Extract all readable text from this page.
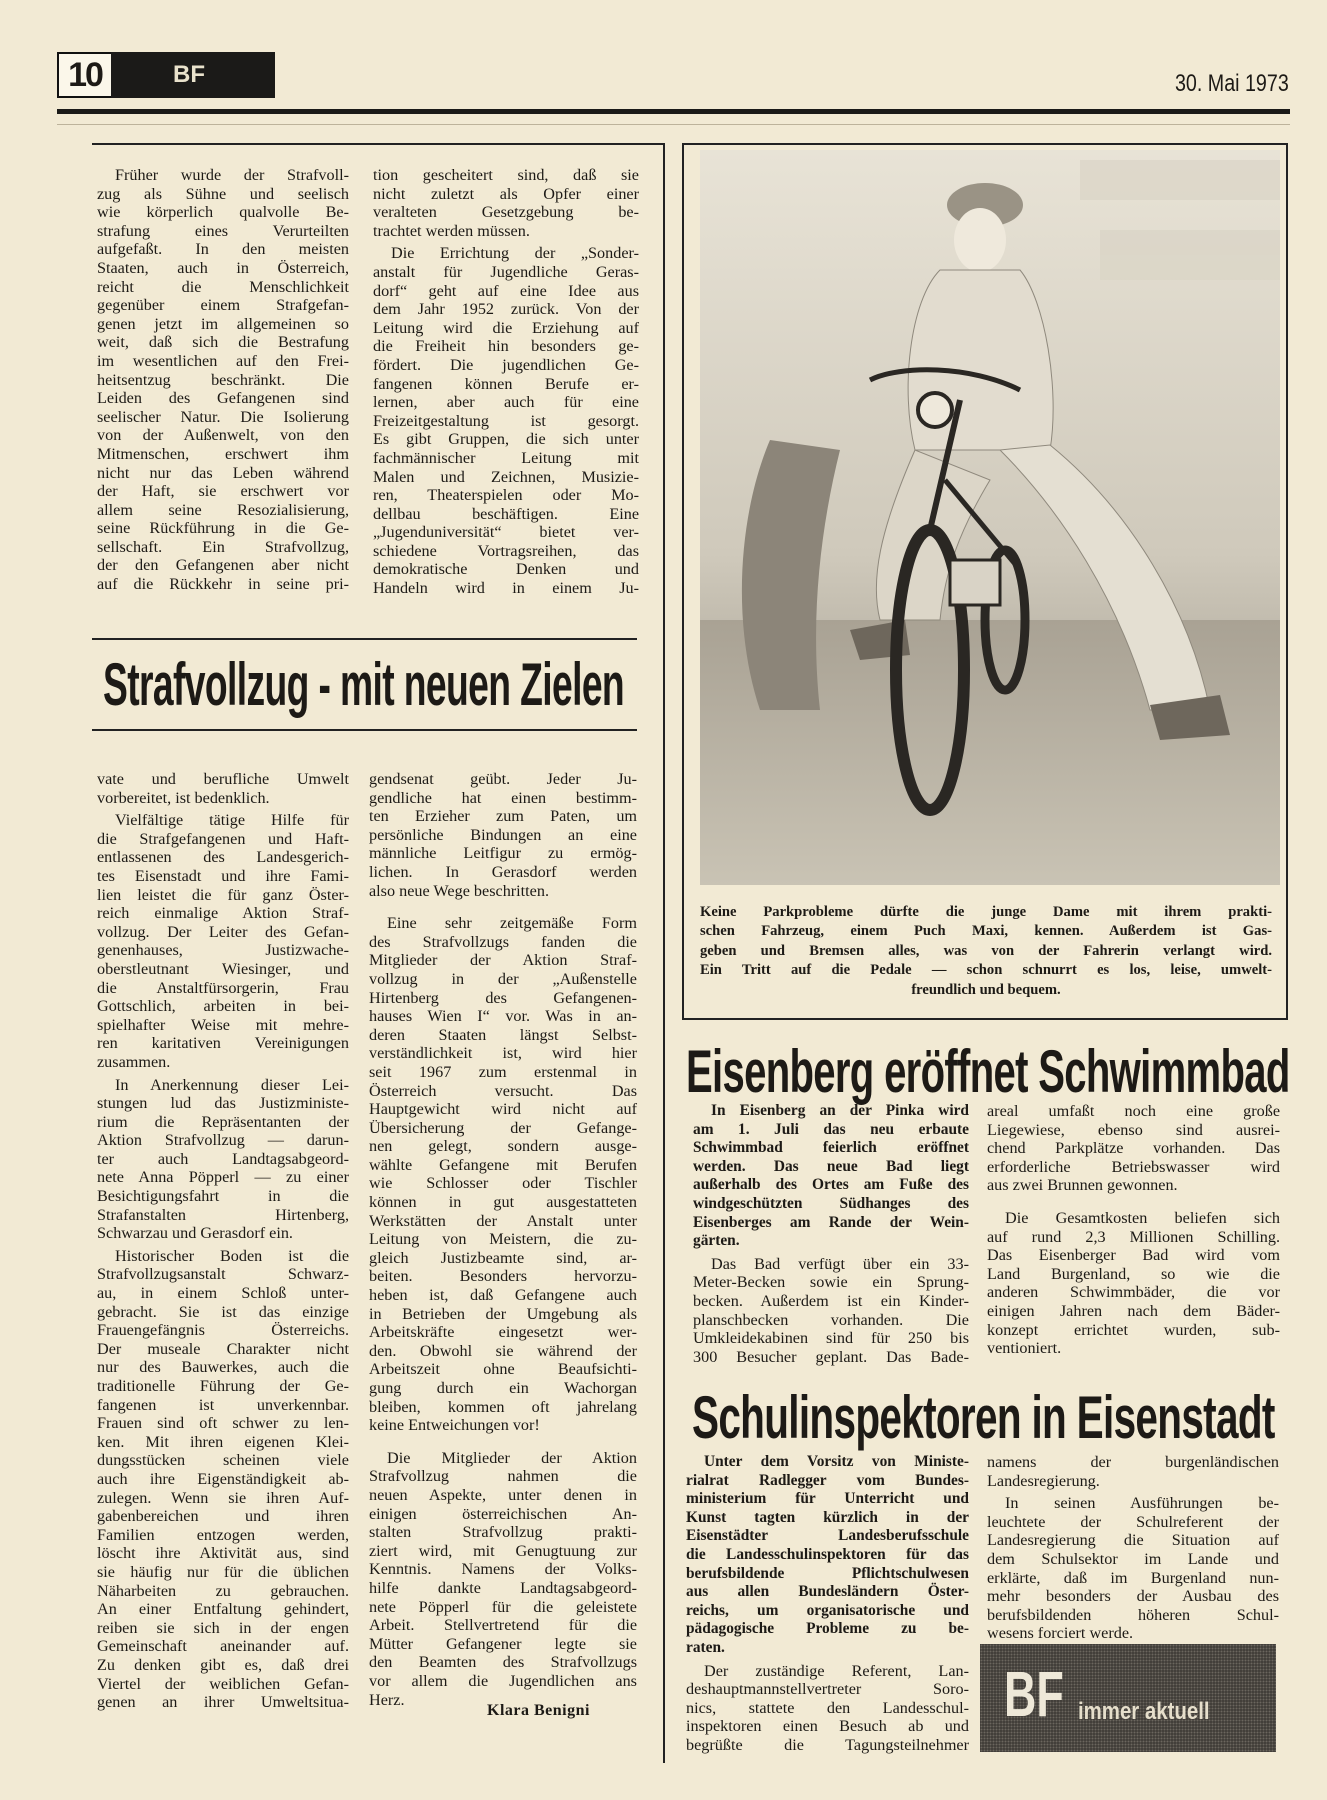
10	BF	30. Mai 1973
Früher wurde der Strafvoll-
zug als Sühne und seelisch
wie körperlich qualvolle Be-
strafung eines Verurteilten
aufgefaßt. In den meisten
Staaten, auch in Österreich,
reicht die Menschlichkeit
gegenüber einem Strafgefan-
genen jetzt im allgemeinen so
weit, daß sich die Bestrafung
im wesentlichen auf den Frei-
heitsentzug beschränkt. Die
Leiden des Gefangenen sind
seelischer Natur. Die Isolierung
von der Außenwelt, von den
Mitmenschen, erschwert ihm
nicht nur das Leben während
der Haft, sie erschwert vor
allem seine Resozialisierung,
seine Rückführung in die Ge-
sellschaft. Ein Strafvollzug,
der den Gefangenen aber nicht
auf die Rückkehr in seine pri-
tion gescheitert sind, daß sie
nicht zuletzt als Opfer einer
veralteten Gesetzgebung be-
trachtet werden müssen.
Die Errichtung der „Sonder-
anstalt für Jugendliche Geras-
dorf“ geht auf eine Idee aus
dem Jahr 1952 zurück. Von der
Leitung wird die Erziehung auf
die Freiheit hin besonders ge-
fördert. Die jugendlichen Ge-
fangenen können Berufe er-
lernen, aber auch für eine
Freizeitgestaltung ist gesorgt.
Es gibt Gruppen, die sich unter
fachmännischer Leitung mit
Malen und Zeichnen, Musizie-
ren, Theaterspielen oder Mo-
dellbau beschäftigen. Eine
„Jugenduniversität“ bietet ver-
schiedene Vortragsreihen, das
demokratische Denken und
Handeln wird in einem Ju-
Strafvollzug - mit neuen Zielen
vate und berufliche Umwelt
vorbereitet, ist bedenklich.
Vielfältige tätige Hilfe für
die Strafgefangenen und Haft-
entlassenen des Landesgerich-
tes Eisenstadt und ihre Fami-
lien leistet die für ganz Öster-
reich einmalige Aktion Straf-
vollzug. Der Leiter des Gefan-
genenhauses, Justizwache-
oberstleutnant Wiesinger, und
die Anstaltfürsorgerin, Frau
Gottschlich, arbeiten in bei-
spielhafter Weise mit mehre-
ren karitativen Vereinigungen
zusammen.
In Anerkennung dieser Lei-
stungen lud das Justizministe-
rium die Repräsentanten der
Aktion Strafvollzug — darun-
ter auch Landtagsabgeord-
nete Anna Pöpperl — zu einer
Besichtigungsfahrt in die
Strafanstalten Hirtenberg,
Schwarzau und Gerasdorf ein.
Historischer Boden ist die
Strafvollzugsanstalt Schwarz-
au, in einem Schloß unter-
gebracht. Sie ist das einzige
Frauengefängnis Österreichs.
Der museale Charakter nicht
nur des Bauwerkes, auch die
traditionelle Führung der Ge-
fangenen ist unverkennbar.
Frauen sind oft schwer zu len-
ken. Mit ihren eigenen Klei-
dungsstücken scheinen viele
auch ihre Eigenständigkeit ab-
zulegen. Wenn sie ihren Auf-
gabenbereichen und ihren
Familien entzogen werden,
löscht ihre Aktivität aus, sind
sie häufig nur für die üblichen
Näharbeiten zu gebrauchen.
An einer Entfaltung gehindert,
reiben sie sich in der engen
Gemeinschaft aneinander auf.
Zu denken gibt es, daß drei
Viertel der weiblichen Gefan-
genen an ihrer Umweltsitua-
gendsenat geübt. Jeder Ju-
gendliche hat einen bestimm-
ten Erzieher zum Paten, um
persönliche Bindungen an eine
männliche Leitfigur zu ermög-
lichen. In Gerasdorf werden
also neue Wege beschritten.
Eine sehr zeitgemäße Form
des Strafvollzugs fanden die
Mitglieder der Aktion Straf-
vollzug in der „Außenstelle
Hirtenberg des Gefangenen-
hauses Wien I“ vor. Was in an-
deren Staaten längst Selbst-
verständlichkeit ist, wird hier
seit 1967 zum erstenmal in
Österreich versucht. Das
Hauptgewicht wird nicht auf
Übersicherung der Gefange-
nen gelegt, sondern ausge-
wählte Gefangene mit Berufen
wie Schlosser oder Tischler
können in gut ausgestatteten
Werkstätten der Anstalt unter
Leitung von Meistern, die zu-
gleich Justizbeamte sind, ar-
beiten. Besonders hervorzu-
heben ist, daß Gefangene auch
in Betrieben der Umgebung als
Arbeitskräfte eingesetzt wer-
den. Obwohl sie während der
Arbeitszeit ohne Beaufsichti-
gung durch ein Wachorgan
bleiben, kommen oft jahrelang
keine Entweichungen vor!
Die Mitglieder der Aktion
Strafvollzug nahmen die
neuen Aspekte, unter denen in
einigen österreichischen An-
stalten Strafvollzug prakti-
ziert wird, mit Genugtuung zur
Kenntnis. Namens der Volks-
hilfe dankte Landtagsabgeord-
nete Pöpperl für die geleistete
Arbeit. Stellvertretend für die
Mütter Gefangener legte sie
den Beamten des Strafvollzugs
vor allem die Jugendlichen ans
Herz.
Klara Benigni
Keine Parkprobleme dürfte die junge Dame mit ihrem prakti-
schen Fahrzeug, einem Puch Maxi, kennen. Außerdem ist Gas-
geben und Bremsen alles, was von der Fahrerin verlangt wird.
Ein Tritt auf die Pedale — schon schnurrt es los, leise, umwelt-
freundlich und bequem.
Eisenberg eröffnet Schwimmbad
In Eisenberg an der Pinka wird
am 1. Juli das neu erbaute
Schwimmbad feierlich eröffnet
werden. Das neue Bad liegt
außerhalb des Ortes am Fuße des
windgeschützten Südhanges des
Eisenberges am Rande der Wein-
gärten.
Das Bad verfügt über ein 33-
Meter-Becken sowie ein Sprung-
becken. Außerdem ist ein Kinder-
planschbecken vorhanden. Die
Umkleidekabinen sind für 250 bis
300 Besucher geplant. Das Bade-
areal umfaßt noch eine große
Liegewiese, ebenso sind ausrei-
chend Parkplätze vorhanden. Das
erforderliche Betriebswasser wird
aus zwei Brunnen gewonnen.
Die Gesamtkosten beliefen sich
auf rund 2,3 Millionen Schilling.
Das Eisenberger Bad wird vom
Land Burgenland, so wie die
anderen Schwimmbäder, die vor
einigen Jahren nach dem Bäder-
konzept errichtet wurden, sub-
ventioniert.
Schulinspektoren in Eisenstadt
Unter dem Vorsitz von Ministe-
rialrat Radlegger vom Bundes-
ministerium für Unterricht und
Kunst tagten kürzlich in der
Eisenstädter Landesberufsschule
die Landesschulinspektoren für das
berufsbildende Pflichtschulwesen
aus allen Bundesländern Öster-
reichs, um organisatorische und
pädagogische Probleme zu be-
raten.
Der zuständige Referent, Lan-
deshauptmannstellvertreter Soro-
nics, stattete den Landesschul-
inspektoren einen Besuch ab und
begrüßte die Tagungsteilnehmer
namens der burgenländischen
Landesregierung.
In seinen Ausführungen be-
leuchtete der Schulreferent der
Landesregierung die Situation auf
dem Schulsektor im Lande und
erklärte, daß im Burgenland nun-
mehr besonders der Ausbau des
berufsbildenden höheren Schul-
wesens forciert werde.
BF immer aktuell
